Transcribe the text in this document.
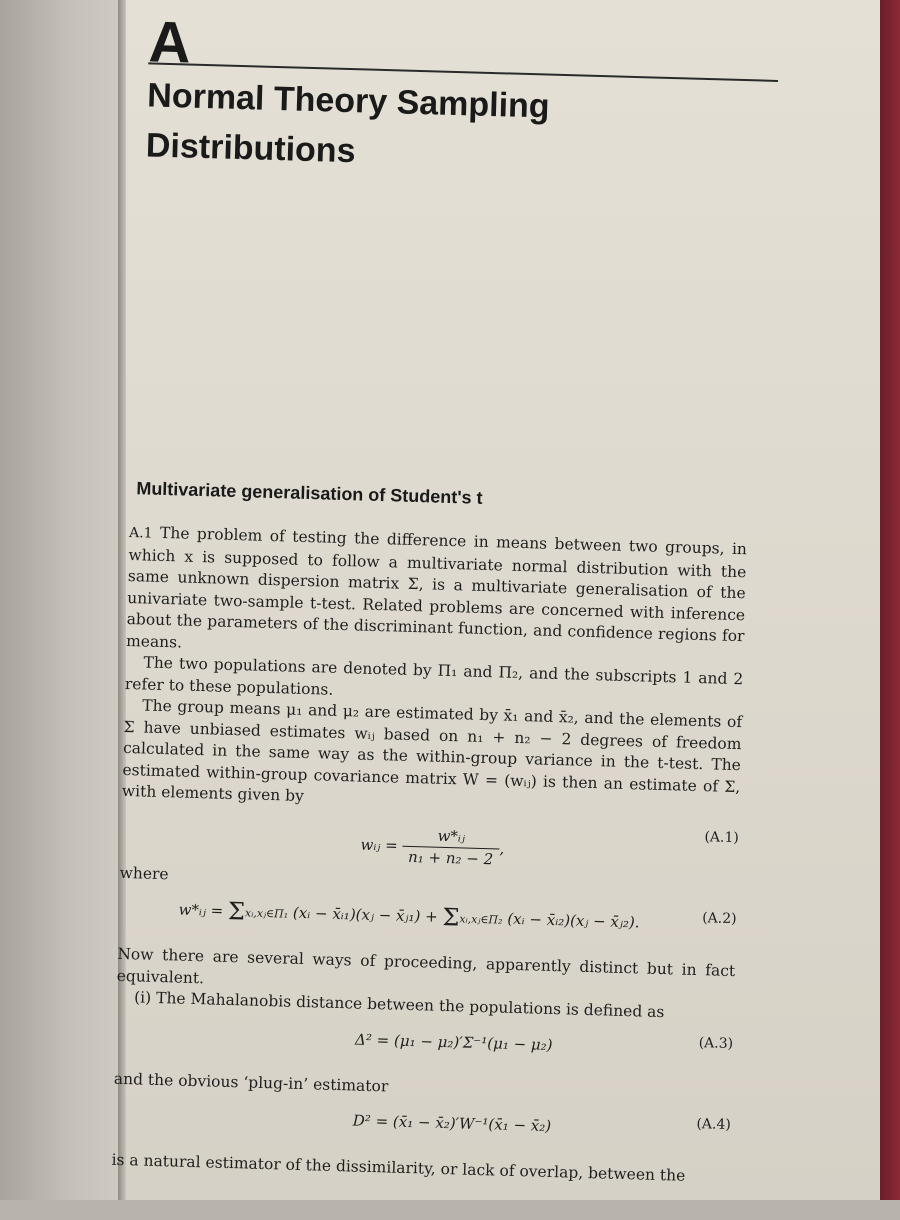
A
Normal Theory Sampling Distributions
Multivariate generalisation of Student's t

A.1 The problem of testing the difference in means between two groups, in which x is supposed to follow a multivariate normal distribution with the same unknown dispersion matrix Σ, is a multivariate generalisation of the univariate two-sample t-test. Related problems are concerned with inference about the parameters of the discriminant function, and confidence regions for means.

The two populations are denoted by Π₁ and Π₂, and the subscripts 1 and 2 refer to these populations.

The group means μ₁ and μ₂ are estimated by x̄₁ and x̄₂, and the elements of Σ have unbiased estimates wᵢⱼ based on n₁ + n₂ − 2 degrees of freedom calculated in the same way as the within-group variance in the t-test. The estimated within-group covariance matrix W = (wᵢⱼ) is then an estimate of Σ, with elements given by

wᵢⱼ = $\frac{\text{w*ᵢⱼ}}{\text{n₁ + n₂ − 2}}$ ,
(A.1)

where

w*ᵢⱼ = Σxᵢ,xⱼ∈Π₁ (xᵢ − x̄ᵢ₁)(xⱼ − x̄ⱼ₁) + Σxᵢ,xⱼ∈Π₂ (xᵢ − x̄ᵢ₂)(xⱼ − x̄ⱼ₂).	(A.2)

Now there are several ways of proceeding, apparently distinct but in fact equivalent.

(i) The Mahalanobis distance between the populations is defined as

Δ² = (μ₁ − μ₂)′Σ⁻¹(μ₁ − μ₂)	(A.3)

and the obvious ‘plug-in’ estimator

D² = (x̄₁ − x̄₂)′W⁻¹(x̄₁ − x̄₂)	(A.4)

is a natural estimator of the dissimilarity, or lack of overlap, between the
